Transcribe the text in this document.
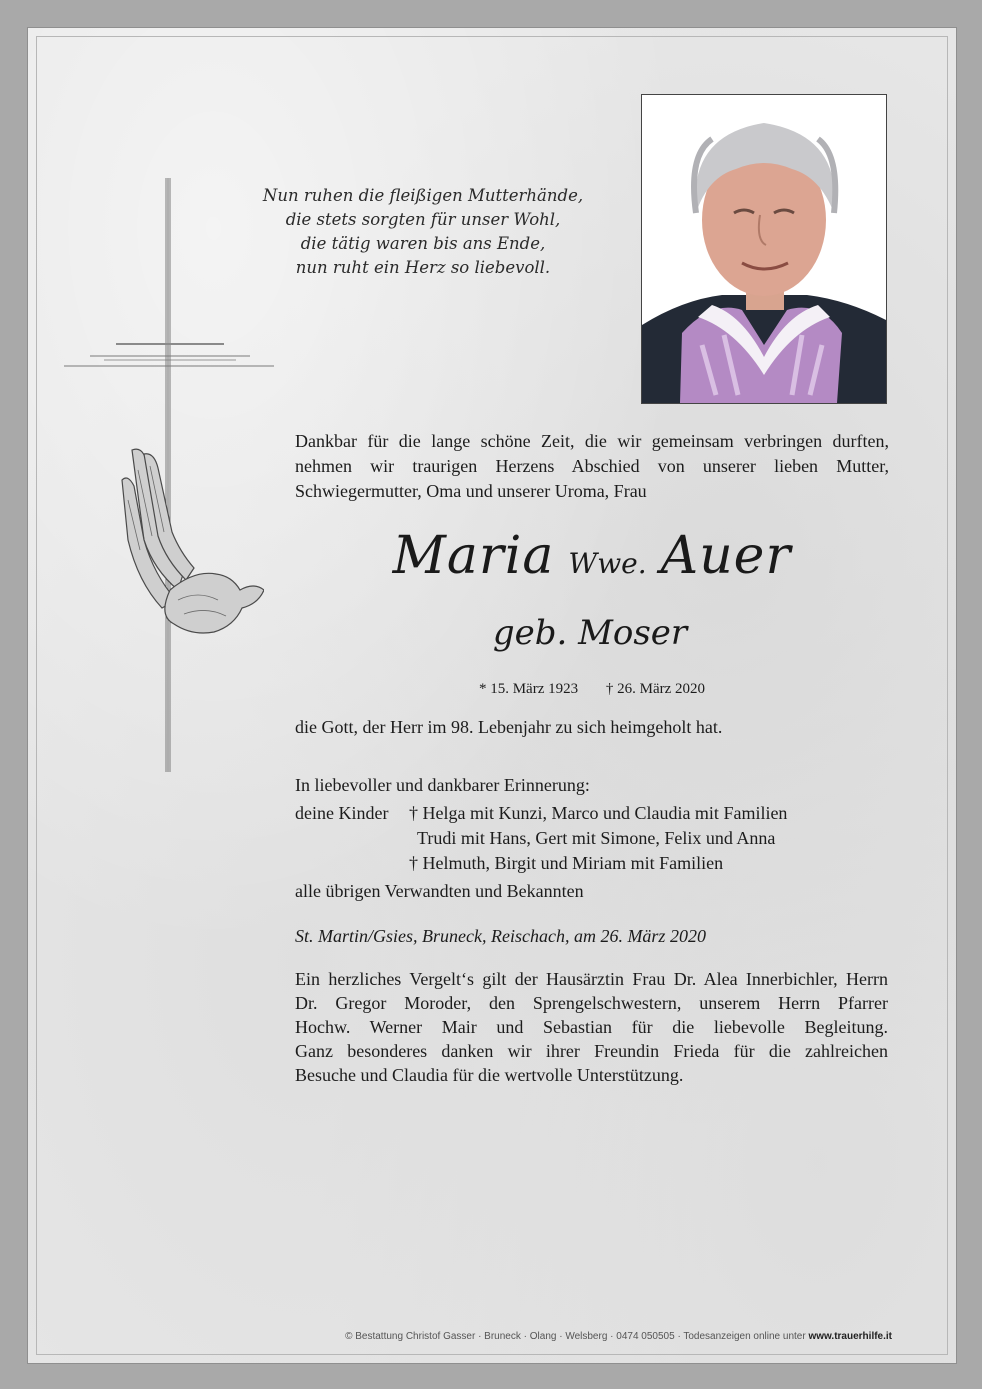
Nun ruhen die fleißigen Mutterhände,
die stets sorgten für unser Wohl,
die tätig waren bis ans Ende,
nun ruht ein Herz so liebevoll.
Dankbar für die lange schöne Zeit, die wir gemeinsam verbringen durften,
nehmen wir traurigen Herzens Abschied von unserer lieben Mutter,
Schwiegermutter, Oma und unserer Uroma, Frau
Maria Wwe. Auer
geb. Moser
* 15. März 1923 † 26. März 2020
die Gott, der Herr im 98. Lebenjahr zu sich heimgeholt hat.
In liebevoller und dankbarer Erinnerung:
deine Kinder † Helga mit Kunzi, Marco und Claudia mit Familien
Trudi mit Hans, Gert mit Simone, Felix und Anna
† Helmuth, Birgit und Miriam mit Familien
alle übrigen Verwandten und Bekannten
St. Martin/Gsies, Bruneck, Reischach, am 26. März 2020
Ein herzliches Vergelt‘s gilt der Hausärztin Frau Dr. Alea Innerbichler, Herrn
Dr. Gregor Moroder, den Sprengelschwestern, unserem Herrn Pfarrer
Hochw. Werner Mair und Sebastian für die liebevolle Begleitung.
Ganz besonderes danken wir ihrer Freundin Frieda für die zahlreichen
Besuche und Claudia für die wertvolle Unterstützung.
© Bestattung Christof Gasser · Bruneck · Olang · Welsberg · 0474 050505 · Todesanzeigen online unter www.trauerhilfe.it
